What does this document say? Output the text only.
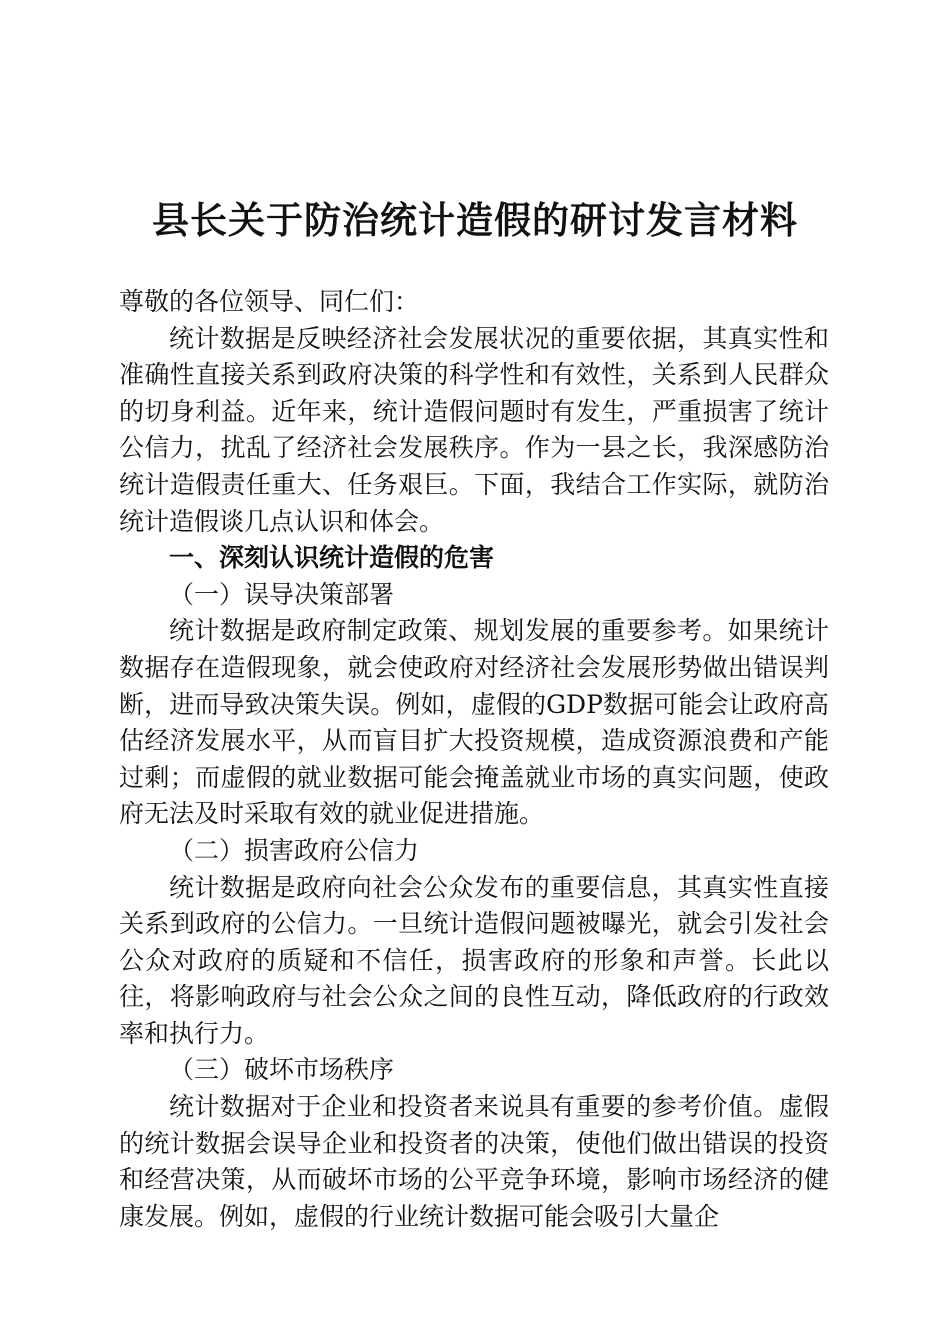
县长关于防治统计造假的研讨发言材料

尊敬的各位领导、同仁们：

统计数据是反映经济社会发展状况的重要依据，其真实性和准确性直接关系到政府决策的科学性和有效性，关系到人民群众的切身利益。近年来，统计造假问题时有发生，严重损害了统计公信力，扰乱了经济社会发展秩序。作为一县之长，我深感防治统计造假责任重大、任务艰巨。下面，我结合工作实际，就防治统计造假谈几点认识和体会。

一、深刻认识统计造假的危害

（一）误导决策部署

统计数据是政府制定政策、规划发展的重要参考。如果统计数据存在造假现象，就会使政府对经济社会发展形势做出错误判断，进而导致决策失误。例如，虚假的GDP数据可能会让政府高估经济发展水平，从而盲目扩大投资规模，造成资源浪费和产能过剩；而虚假的就业数据可能会掩盖就业市场的真实问题，使政府无法及时采取有效的就业促进措施。

（二）损害政府公信力

统计数据是政府向社会公众发布的重要信息，其真实性直接关系到政府的公信力。一旦统计造假问题被曝光，就会引发社会公众对政府的质疑和不信任，损害政府的形象和声誉。长此以往，将影响政府与社会公众之间的良性互动，降低政府的行政效率和执行力。

（三）破坏市场秩序

统计数据对于企业和投资者来说具有重要的参考价值。虚假的统计数据会误导企业和投资者的决策，使他们做出错误的投资和经营决策，从而破坏市场的公平竞争环境，影响市场经济的健康发展。例如，虚假的行业统计数据可能会吸引大量企
